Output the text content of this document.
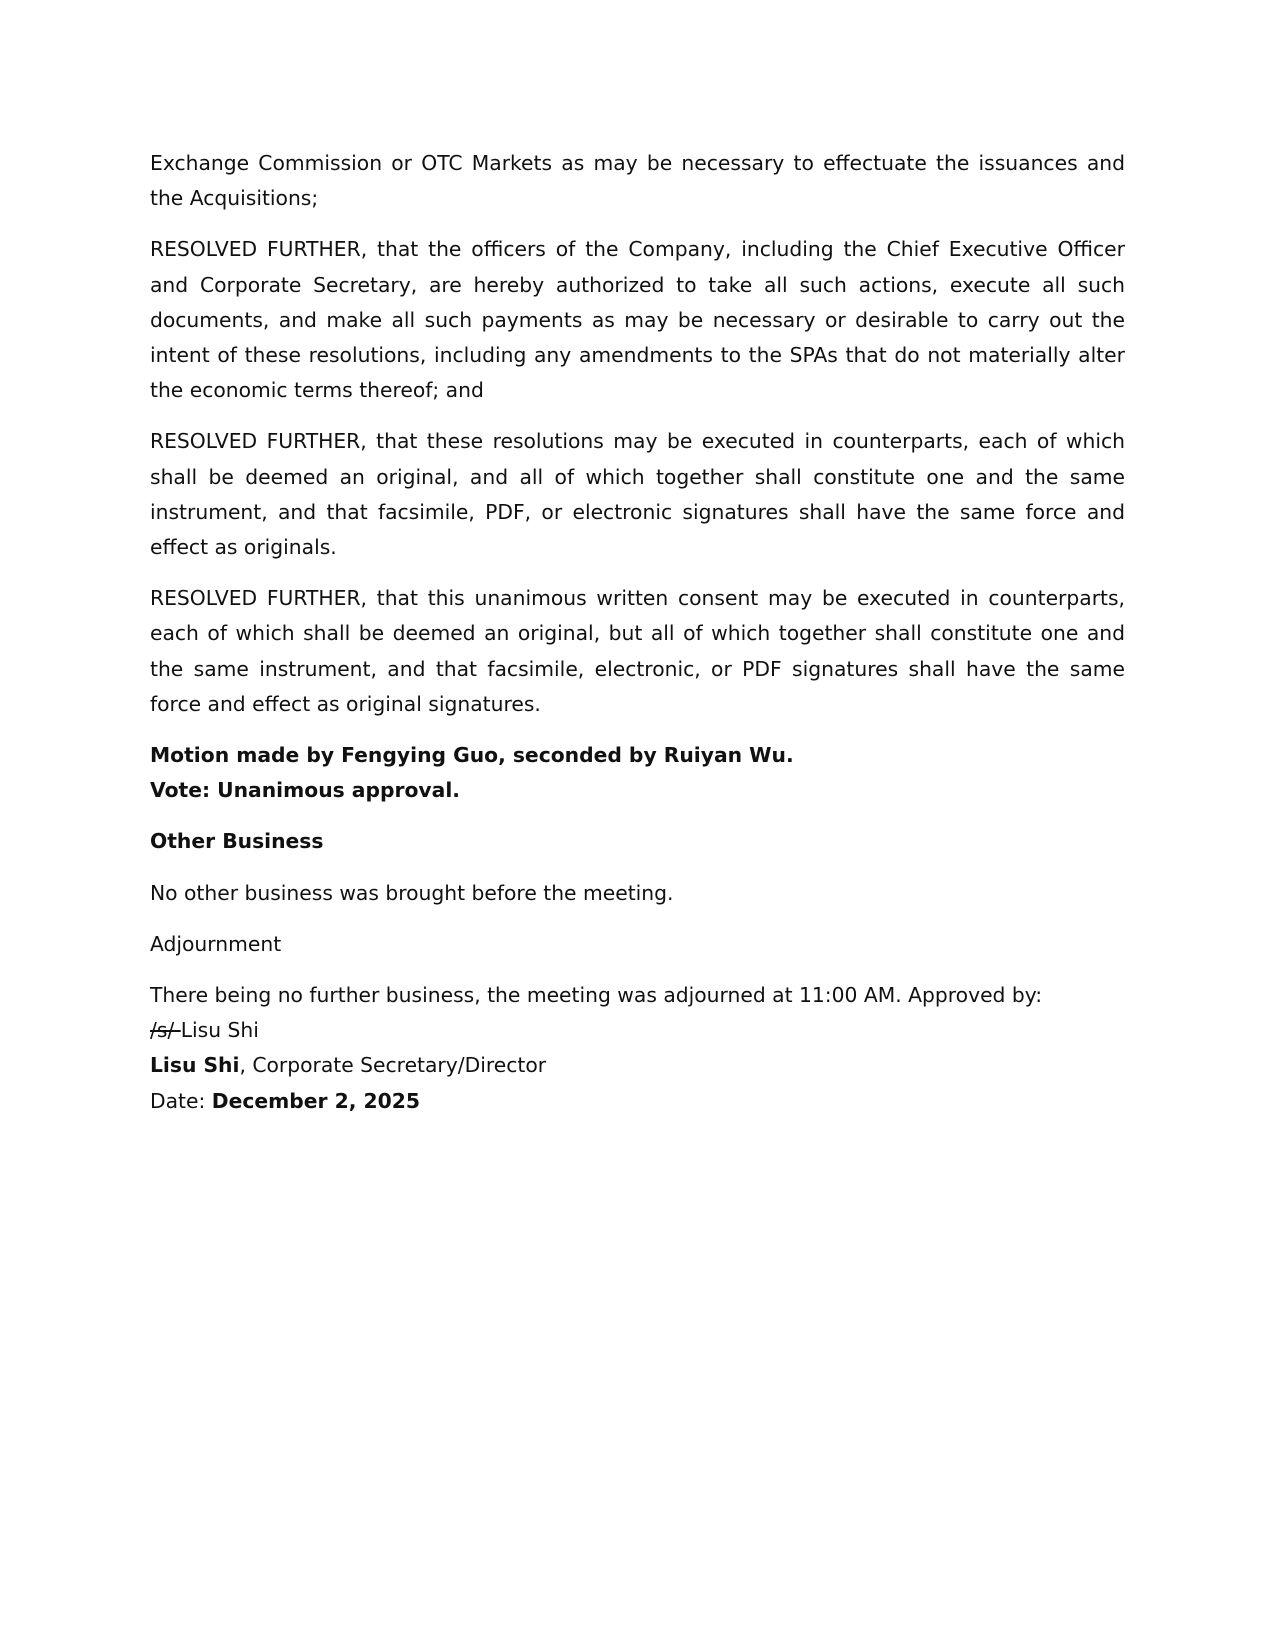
Exchange Commission or OTC Markets as may be necessary to effectuate the issuances and the Acquisitions;

RESOLVED FURTHER, that the officers of the Company, including the Chief Executive Officer and Corporate Secretary, are hereby authorized to take all such actions, execute all such documents, and make all such payments as may be necessary or desirable to carry out the intent of these resolutions, including any amendments to the SPAs that do not materially alter the economic terms thereof; and

RESOLVED FURTHER, that these resolutions may be executed in counterparts, each of which shall be deemed an original, and all of which together shall constitute one and the same instrument, and that facsimile, PDF, or electronic signatures shall have the same force and effect as originals.

RESOLVED FURTHER, that this unanimous written consent may be executed in counterparts, each of which shall be deemed an original, but all of which together shall constitute one and the same instrument, and that facsimile, electronic, or PDF signatures shall have the same force and effect as original signatures.

Motion made by Fengying Guo, seconded by Ruiyan Wu.
Vote: Unanimous approval.

Other Business

No other business was brought before the meeting.

Adjournment

There being no further business, the meeting was adjourned at 11:00 AM. Approved by:
/s/ Lisu Shi
Lisu Shi, Corporate Secretary/Director
Date: December 2, 2025
